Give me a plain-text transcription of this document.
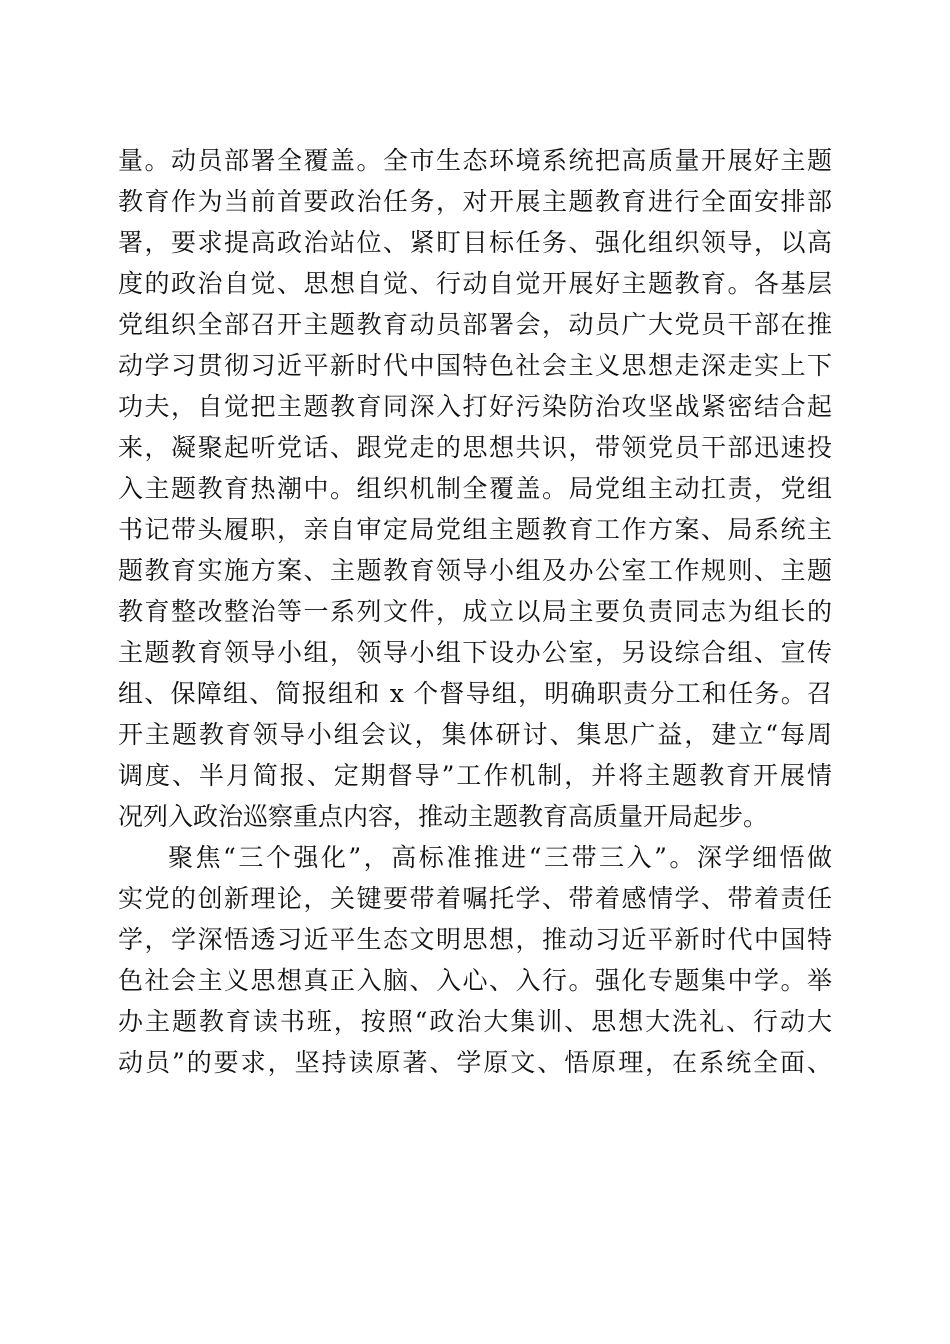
量。动员部署全覆盖。全市生态环境系统把高质量开展好主题
教育作为当前首要政治任务，对开展主题教育进行全面安排部
署，要求提高政治站位、紧盯目标任务、强化组织领导，以高
度的政治自觉、思想自觉、行动自觉开展好主题教育。各基层
党组织全部召开主题教育动员部署会，动员广大党员干部在推
动学习贯彻习近平新时代中国特色社会主义思想走深走实上下
功夫，自觉把主题教育同深入打好污染防治攻坚战紧密结合起
来，凝聚起听党话、跟党走的思想共识，带领党员干部迅速投
入主题教育热潮中。组织机制全覆盖。局党组主动扛责，党组
书记带头履职，亲自审定局党组主题教育工作方案、局系统主
题教育实施方案、主题教育领导小组及办公室工作规则、主题
教育整改整治等一系列文件，成立以局主要负责同志为组长的
主题教育领导小组，领导小组下设办公室，另设综合组、宣传
组、保障组、简报组和 x 个督导组，明确职责分工和任务。召
开主题教育领导小组会议，集体研讨、集思广益，建立“每周
调度、半月简报、定期督导”工作机制，并将主题教育开展情
况列入政治巡察重点内容，推动主题教育高质量开局起步。
聚焦“三个强化”，高标准推进“三带三入”。深学细悟做
实党的创新理论，关键要带着嘱托学、带着感情学、带着责任
学，学深悟透习近平生态文明思想，推动习近平新时代中国特
色社会主义思想真正入脑、入心、入行。强化专题集中学。举
办主题教育读书班，按照“政治大集训、思想大洗礼、行动大
动员”的要求，坚持读原著、学原文、悟原理，在系统全面、
